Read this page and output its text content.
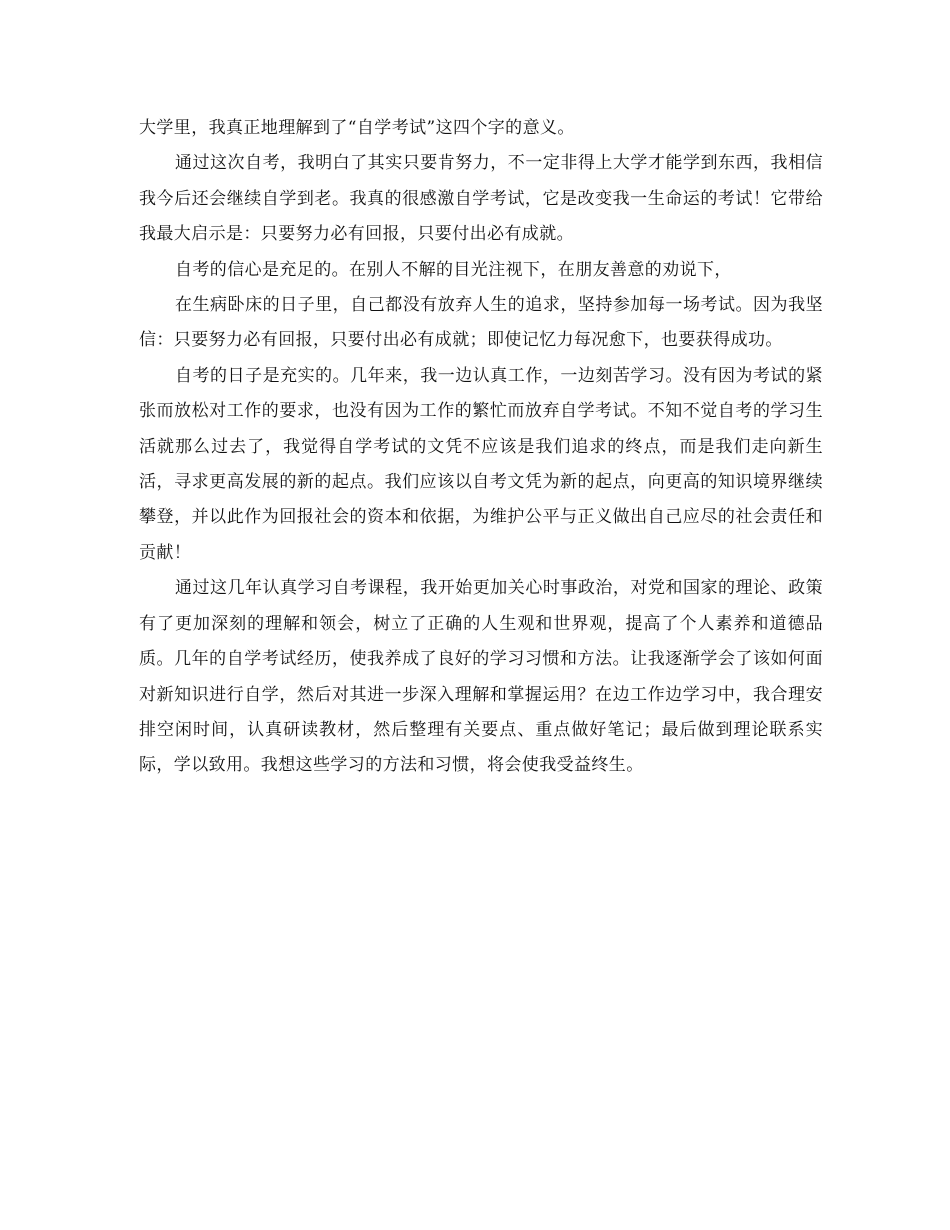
大学里，我真正地理解到了“自学考试”这四个字的意义。

通过这次自考，我明白了其实只要肯努力，不一定非得上大学才能学到东西，我相信我今后还会继续自学到老。我真的很感激自学考试，它是改变我一生命运的考试！它带给我最大启示是：只要努力必有回报，只要付出必有成就。

自考的信心是充足的。在别人不解的目光注视下，在朋友善意的劝说下，

在生病卧床的日子里，自己都没有放弃人生的追求，坚持参加每一场考试。因为我坚信：只要努力必有回报，只要付出必有成就；即使记忆力每况愈下，也要获得成功。

自考的日子是充实的。几年来，我一边认真工作，一边刻苦学习。没有因为考试的紧张而放松对工作的要求，也没有因为工作的繁忙而放弃自学考试。不知不觉自考的学习生活就那么过去了，我觉得自学考试的文凭不应该是我们追求的终点，而是我们走向新生活，寻求更高发展的新的起点。我们应该以自考文凭为新的起点，向更高的知识境界继续攀登，并以此作为回报社会的资本和依据，为维护公平与正义做出自己应尽的社会责任和贡献！

通过这几年认真学习自考课程，我开始更加关心时事政治，对党和国家的理论、政策有了更加深刻的理解和领会，树立了正确的人生观和世界观，提高了个人素养和道德品质。几年的自学考试经历，使我养成了良好的学习习惯和方法。让我逐渐学会了该如何面对新知识进行自学，然后对其进一步深入理解和掌握运用？在边工作边学习中，我合理安排空闲时间，认真研读教材，然后整理有关要点、重点做好笔记；最后做到理论联系实际，学以致用。我想这些学习的方法和习惯，将会使我受益终生。
